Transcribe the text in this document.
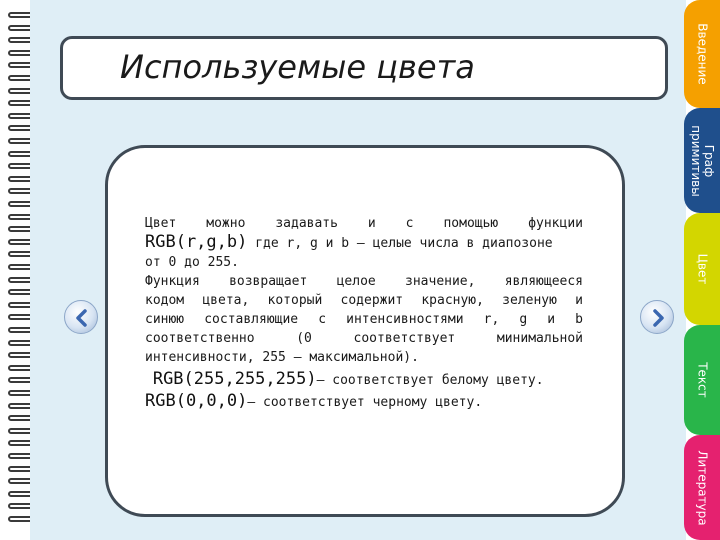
Используемые цвета
Цвет можно задавать и с помощью функции
RGB(r,g,b) где r, g и b – целые числа в диапозоне
от 0 до 255.
Функция возвращает целое значение, являющееся
кодом цвета, который содержит красную, зеленую и
синюю составляющие с интенсивностями r, g и b
соответственно (0 соответствует минимальной
интенсивности, 255 – максимальной).
RGB(255,255,255)– соответствует белому цвету.
RGB(0,0,0)– соответствует черному цвету.
Введение
Граф примитивы
Цвет
Текст
Литература
